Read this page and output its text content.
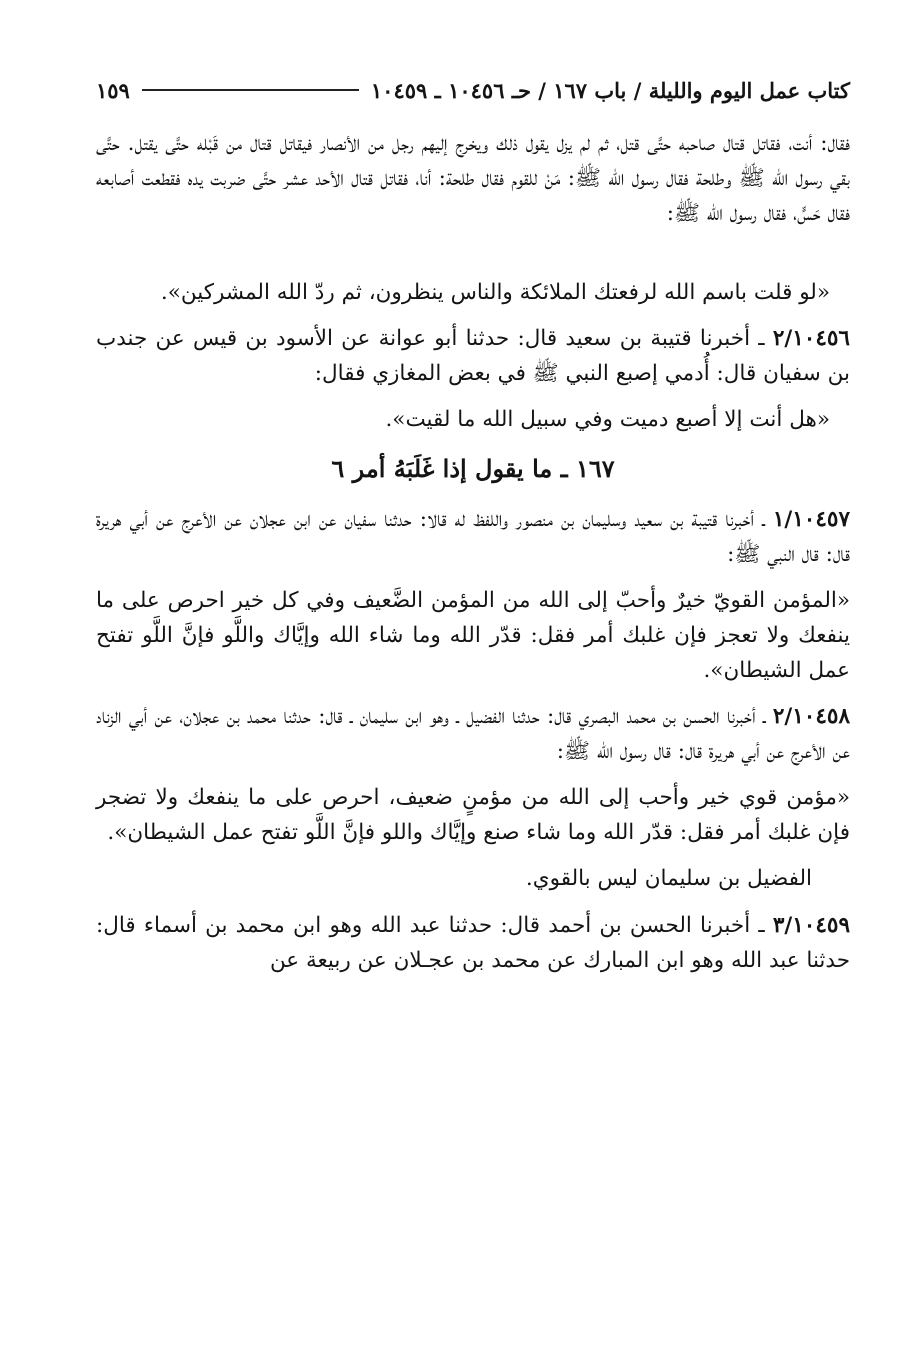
كتاب عمل اليوم والليلة / باب ١٦٧ / حـ ١٠٤٥٦ ـ ١٠٤٥٩
١٥٩

فقال: أنت، فقاتل قتال صاحبه حتَّى قتل، ثم لم يزل يقول ذلك ويخرج إليهم رجل من الأنصار فيقاتل قتال من قَبْله حتَّى يقتل. حتَّى بقي رسول الله ﷺ وطلحة فقال رسول الله ﷺ: مَنْ للقوم فقال طلحة: أنا، فقاتل قتال الأحد عشر حتَّى ضربت يده فقطعت أصابعه فقال حَسٍّ، فقال رسول الله ﷺ:

«لو قلت باسم الله لرفعتك الملائكة والناس ينظرون، ثم ردّ الله المشركين».

٢/١٠٤٥٦ ـ أخبرنا قتيبة بن سعيد قال: حدثنا أبو عوانة عن الأسود بن قيس عن جندب بن سفيان قال: أُدمي إصبع النبي ﷺ في بعض المغازي فقال:

«هل أنت إلا أصبع دميت وفي سبيل الله ما لقيت».

١٦٧ ـ ما يقول إذا غَلَبَهُ أمر ٦

١/١٠٤٥٧ ـ أخبرنا قتيبة بن سعيد وسليمان بن منصور واللفظ له قالا: حدثنا سفيان عن ابن عجلان عن الأعرج عن أبي هريرة قال: قال النبي ﷺ:

«المؤمن القويّ خيرٌ وأحبّ إلى الله من المؤمن الضَّعيف وفي كل خير احرص على ما ينفعك ولا تعجز فإن غلبك أمر فقل: قدّر الله وما شاء الله وإيَّاك واللَّو فإنَّ اللَّو تفتح عمل الشيطان».

٢/١٠٤٥٨ ـ أخبرنا الحسن بن محمد البصري قال: حدثنا الفضيل ـ وهو ابن سليمان ـ قال: حدثنا محمد بن عجلان، عن أبي الزناد عن الأعرج عن أبي هريرة قال: قال رسول الله ﷺ:

«مؤمن قوي خير وأحب إلى الله من مؤمنٍ ضعيف، احرص على ما ينفعك ولا تضجر فإن غلبك أمر فقل: قدّر الله وما شاء صنع وإيَّاك واللو فإنَّ اللَّو تفتح عمل الشيطان».

الفضيل بن سليمان ليس بالقوي.

٣/١٠٤٥٩ ـ أخبرنا الحسن بن أحمد قال: حدثنا عبد الله وهو ابن محمد بن أسماء قال: حدثنا عبد الله وهو ابن المبارك عن محمد بن عجـلان عن ربيعة عن
